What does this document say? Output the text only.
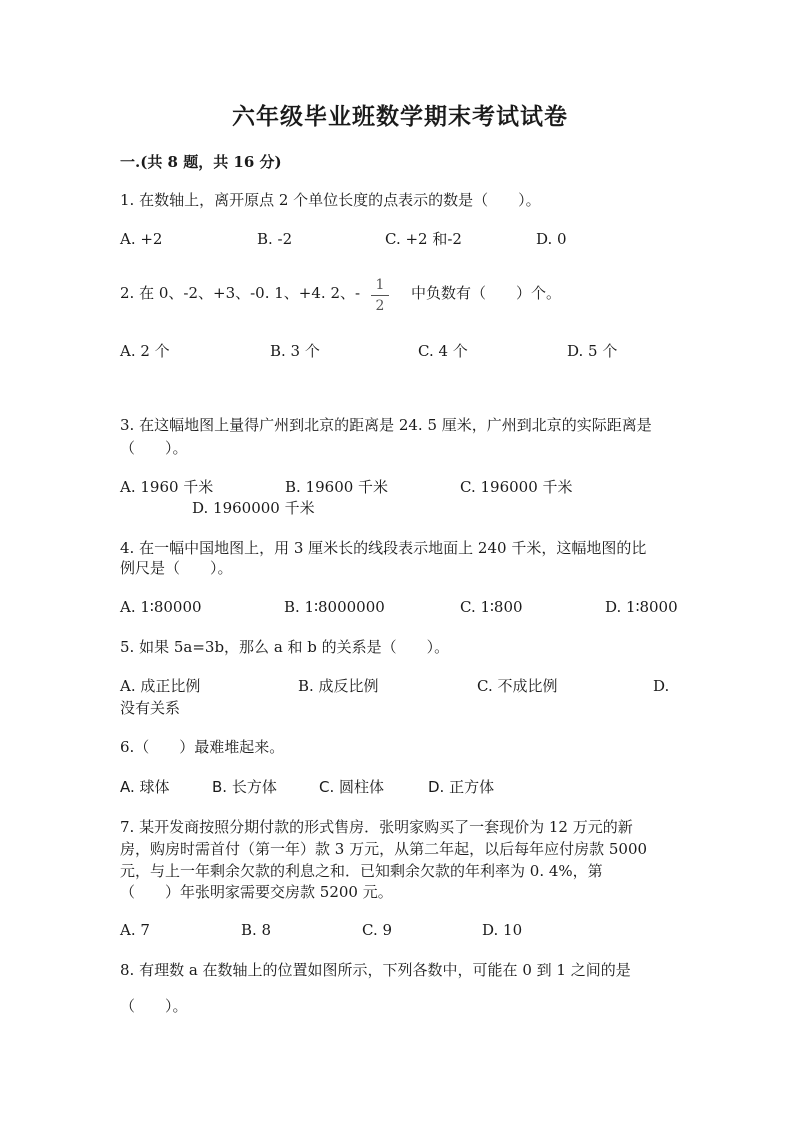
六年级毕业班数学期末考试试卷
一.(共 8 题，共 16 分)
1. 在数轴上，离开原点 2 个单位长度的点表示的数是（　　）。
A. +2	B. -2	C. +2 和-2	D. 0
2. 在 0、-2、+3、-0. 1、+4. 2、-	1
2
中负数有（　　）个。
A. 2 个	B. 3 个	C. 4 个	D. 5 个
3. 在这幅地图上量得广州到北京的距离是 24. 5 厘米，广州到北京的实际距离是
（　　）。
A. 1960 千米	B. 19600 千米	C. 196000 千米
D. 1960000 千米
4. 在一幅中国地图上，用 3 厘米长的线段表示地面上 240 千米，这幅地图的比
例尺是（　　）。
A. 1∶80000	B. 1∶8000000	C. 1∶800	D. 1∶8000
5. 如果 5a=3b，那么 a 和 b 的关系是（　　）。
A. 成正比例	B. 成反比例	C. 不成比例	D.
没有关系
6.（　　）最难堆起来。
A. 球体	B. 长方体	C. 圆柱体	D. 正方体
7. 某开发商按照分期付款的形式售房．张明家购买了一套现价为 12 万元的新
房，购房时需首付（第一年）款 3 万元，从第二年起，以后每年应付房款 5000
元，与上一年剩余欠款的利息之和．已知剩余欠款的年利率为 0. 4%，第
（　　）年张明家需要交房款 5200 元。
A. 7	B. 8	C. 9	D. 10
8. 有理数 a 在数轴上的位置如图所示，下列各数中，可能在 0 到 1 之间的是
（　　）。
